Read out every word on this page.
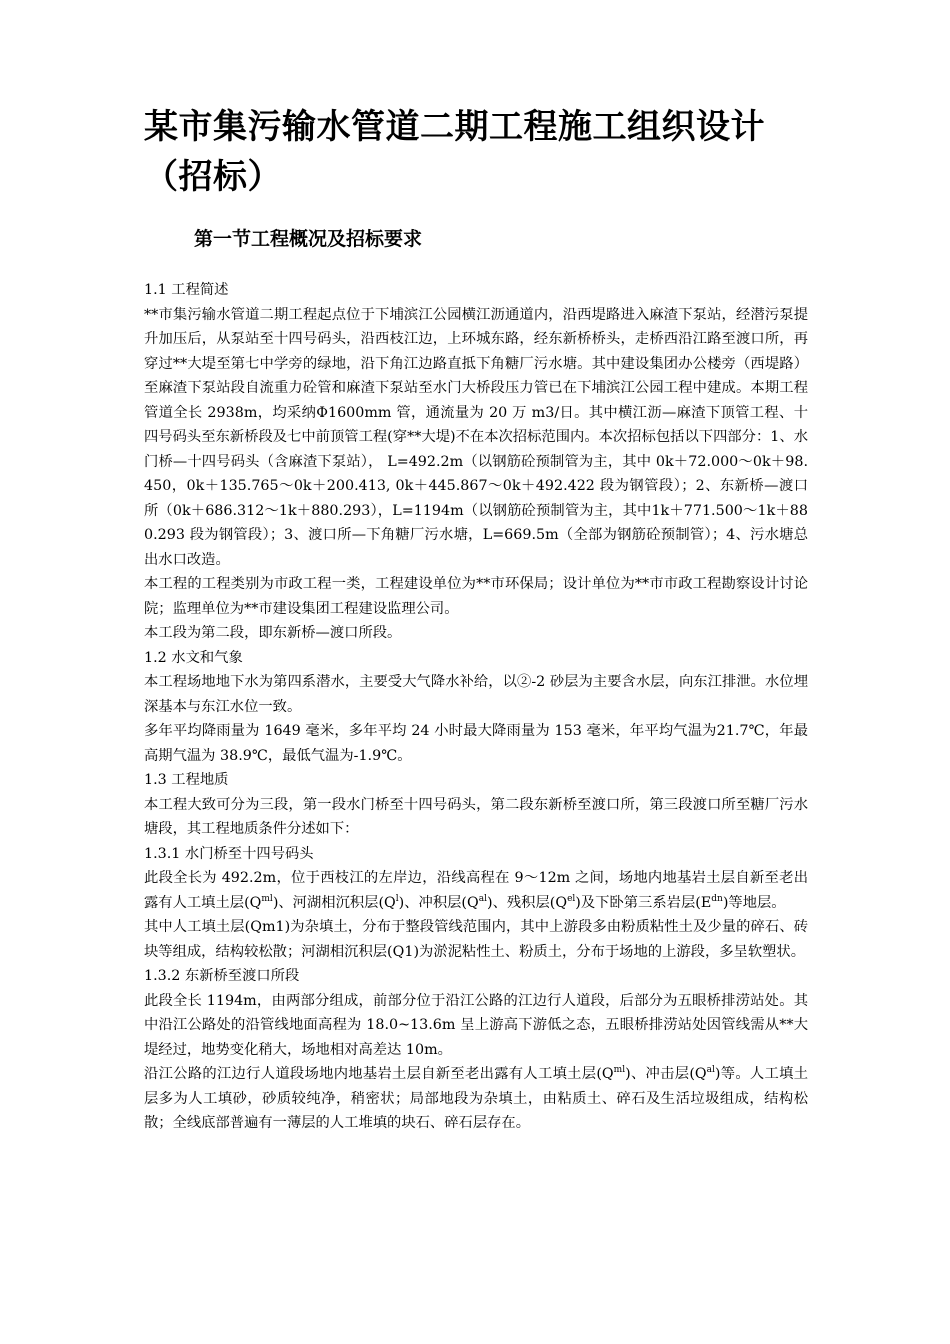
某市集污输水管道二期工程施工组织设计（招标）
第一节工程概况及招标要求

1.1 工程简述

**市集污输水管道二期工程起点位于下埔滨江公园横江沥通道内，沿西堤路进入麻渣下泵站，经潜污泵提升加压后，从泵站至十四号码头，沿西枝江边，上环城东路，经东新桥桥头，走桥西沿江路至渡口所，再穿过**大堤至第七中学旁的绿地，沿下角江边路直抵下角糖厂污水塘。其中建设集团办公楼旁（西堤路）至麻渣下泵站段自流重力砼管和麻渣下泵站至水门大桥段压力管已在下埔滨江公园工程中建成。本期工程管道全长 2938m，均采纳Φ1600mm 管，通流量为 20 万 m3/日。其中横江沥—麻渣下顶管工程、十四号码头至东新桥段及七中前顶管工程(穿**大堤)不在本次招标范围内。本次招标包括以下四部分：1、水门桥—十四号码头（含麻渣下泵站）， L=492.2m（以钢筋砼预制管为主，其中 0k＋72.000～0k＋98.450，0k＋135.765～0k＋200.413, 0k＋445.867～0k＋492.422 段为钢管段）；2、东新桥—渡口所（0k＋686.312～1k＋880.293），L=1194m（以钢筋砼预制管为主，其中1k＋771.500～1k＋880.293 段为钢管段）；3、渡口所—下角糖厂污水塘，L=669.5m（全部为钢筋砼预制管）；4、污水塘总出水口改造。

本工程的工程类别为市政工程一类，工程建设单位为**市环保局；设计单位为**市市政工程勘察设计讨论院；监理单位为**市建设集团工程建设监理公司。

本工段为第二段，即东新桥—渡口所段。

1.2 水文和气象

本工程场地地下水为第四系潜水，主要受大气降水补给，以②-2 砂层为主要含水层，向东江排泄。水位埋深基本与东江水位一致。

多年平均降雨量为 1649 毫米，多年平均 24 小时最大降雨量为 153 毫米，年平均气温为21.7℃，年最高期气温为 38.9℃，最低气温为-1.9℃。

1.3 工程地质

本工程大致可分为三段，第一段水门桥至十四号码头，第二段东新桥至渡口所，第三段渡口所至糖厂污水塘段，其工程地质条件分述如下：

1.3.1 水门桥至十四号码头

此段全长为 492.2m，位于西枝江的左岸边，沿线高程在 9～12m 之间，场地内地基岩土层自新至老出露有人工填土层$(Q^{ml})$、河湖相沉积层$(Q^l)$、冲积层$(Q^{al})$、残积层$(Q^{el})$及下卧第三系岩层$(E^{dn})$等地层。

其中人工填土层(Qm1)为杂填土，分布于整段管线范围内，其中上游段多由粉质粘性土及少量的碎石、砖块等组成，结构较松散；河湖相沉积层(Q1)为淤泥粘性土、粉质土，分布于场地的上游段，多呈软塑状。

1.3.2 东新桥至渡口所段

此段全长 1194m，由两部分组成，前部分位于沿江公路的江边行人道段，后部分为五眼桥排涝站处。其中沿江公路处的沿管线地面高程为 18.0~13.6m 呈上游高下游低之态，五眼桥排涝站处因管线需从**大堤经过，地势变化稍大，场地相对高差达 10m。

沿江公路的江边行人道段场地内地基岩土层自新至老出露有人工填土层$(Q^{ml})$、冲击层$(Q^{al})$等。人工填土层多为人工填砂，砂质较纯净，稍密状；局部地段为杂填土，由粘质土、碎石及生活垃圾组成，结构松散；全线底部普遍有一薄层的人工堆填的块石、碎石层存在。
